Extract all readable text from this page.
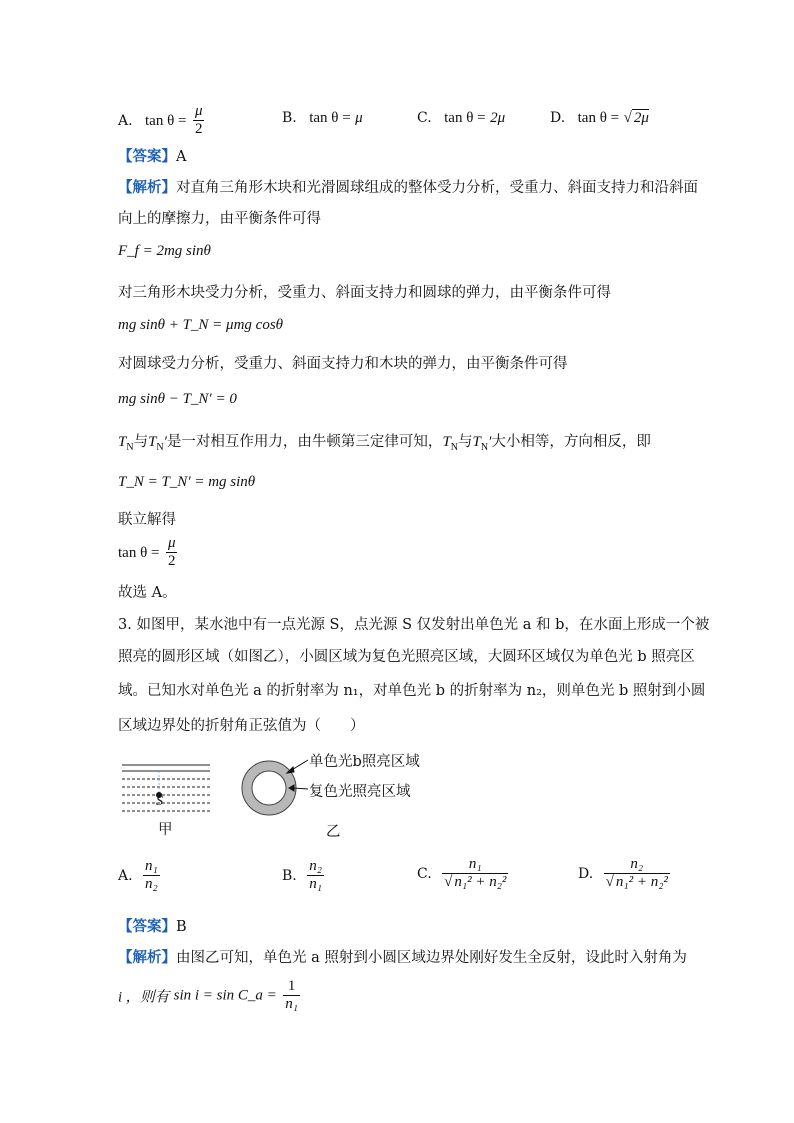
A. $\tan \theta = \frac{\mu}{2}$	B. tan θ = μ	C. tan θ = 2μ	D. tan θ = √ 2μ
【答案】A
【解析】对直角三角形木块和光滑圆球组成的整体受力分析，受重力、斜面支持力和沿斜面
向上的摩擦力，由平衡条件可得
F_f = 2mg sinθ
对三角形木块受力分析，受重力、斜面支持力和圆球的弹力，由平衡条件可得
mg sinθ + T_N = μmg cosθ
对圆球受力分析，受重力、斜面支持力和木块的弹力，由平衡条件可得
mg sinθ − T_N′ = 0
$T_N$与$T_N'$是一对相互作用力，由牛顿第三定律可知，$T_N$与$T_N'$大小相等，方向相反，即
T_N = T_N′ = mg sinθ
联立解得
$\tan \theta = \frac{\mu}{2}$
故选 A。
3. 如图甲，某水池中有一点光源 S，点光源 S 仅发射出单色光 a 和 b，在水面上形成一个被
照亮的圆形区域（如图乙），小圆区域为复色光照亮区域，大圆环区域仅为单色光 b 照亮区
域。已知水对单色光 a 的折射率为 n₁，对单色光 b 的折射率为 n₂，则单色光 b 照射到小圆
区域边界处的折射角正弦值为（　　）
S
甲
单色光b照亮区域
复色光照亮区域
乙
A. $\frac{\text{n₁}}{\text{n₂}}$	B. $\frac{\text{n₂}}{\text{n₁}}$	C. $\frac{\text{n₁}}{\text{√ n₁² + n₂²}}$	D. $\frac{\text{n₂}}{\text{√ n₁² + n₂²}}$
【答案】B
【解析】由图乙可知，单色光 a 照射到小圆区域边界处刚好发生全反射，设此时入射角为
i ，则有 sin i = sin C_a = $\frac{1}{\text{n₁}}$
